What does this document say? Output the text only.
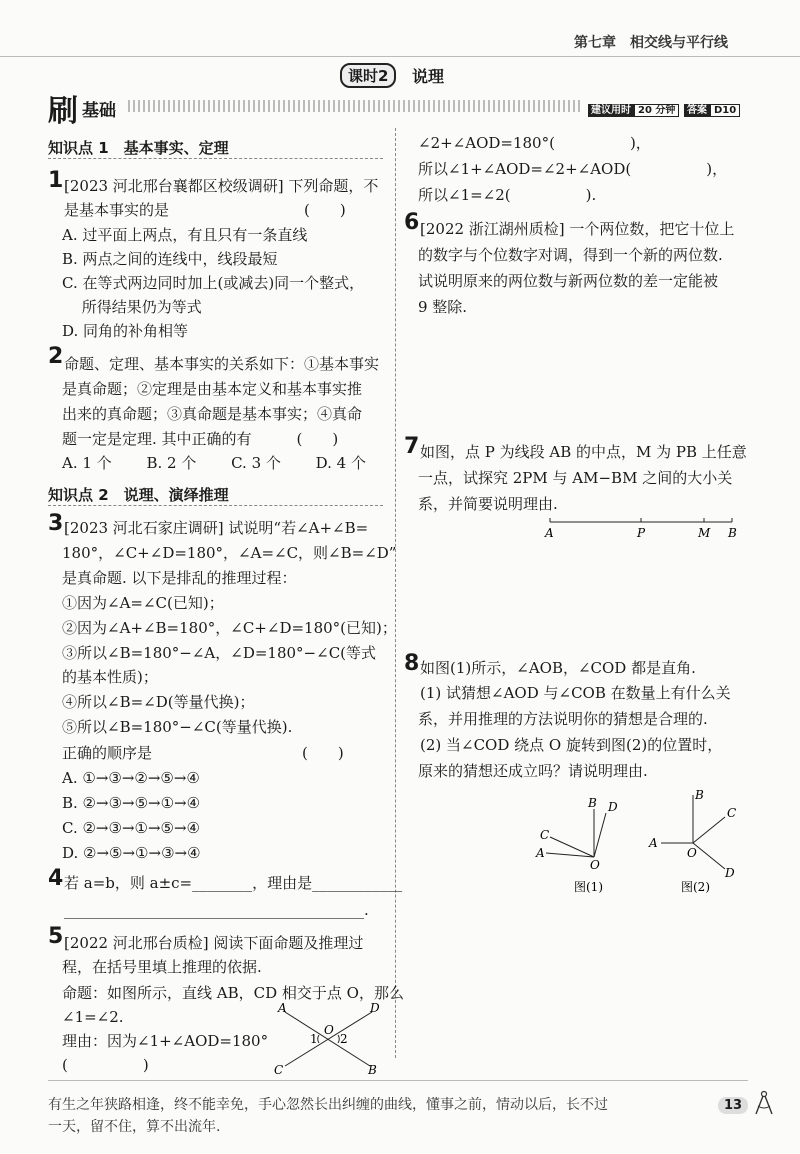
第七章　相交线与平行线
课时2	说理
刷 基础	建议用时 20 分钟	答案 D10
知识点 1　基本事实、定理
1 [2023 河北邢台襄都区校级调研] 下列命题，不
是基本事实的是　　　　　　　　　(　　)
A. 过平面上两点，有且只有一条直线
B. 两点之间的连线中，线段最短
C. 在等式两边同时加上(或减去)同一个整式，
　 所得结果仍为等式
D. 同角的补角相等
2 命题、定理、基本事实的关系如下：①基本事实
是真命题；②定理是由基本定义和基本事实推
出来的真命题；③真命题是基本事实；④真命
题一定是定理. 其中正确的有　　　(　　)
A. 1 个　　 B. 2 个　　 C. 3 个　　 D. 4 个
知识点 2　说理、演绎推理
3 [2023 河北石家庄调研] 试说明“若∠A+∠B=
180°，∠C+∠D=180°，∠A=∠C，则∠B=∠D”
是真命题. 以下是排乱的推理过程：
①因为∠A=∠C(已知)；
②因为∠A+∠B=180°，∠C+∠D=180°(已知)；
③所以∠B=180°−∠A，∠D=180°−∠C(等式
的基本性质)；
④所以∠B=∠D(等量代换)；
⑤所以∠B=180°−∠C(等量代换).
正确的顺序是　　　　　　　　　　(　　)
A. ①→③→②→⑤→④
B. ②→③→⑤→①→④
C. ②→③→①→⑤→④
D. ②→⑤→①→③→④
4 若 a=b，则 a±c=________，理由是____________
________________________________________.
5 [2022 河北邢台质检] 阅读下面命题及推理过
程，在括号里填上推理的依据.
命题：如图所示，直线 AB，CD 相交于点 O，那么
∠1=∠2.
理由：因为∠1+∠AOD=180°
(　　　　　)
A	D
C	B
O
1 2
∠2+∠AOD=180°(　　　　　)，
所以∠1+∠AOD=∠2+∠AOD(　　　　　)，
所以∠1=∠2(　　　　　).
6 [2022 浙江湖州质检] 一个两位数，把它十位上
的数字与个位数字对调，得到一个新的两位数.
试说明原来的两位数与新两位数的差一定能被
9 整除.
7 如图，点 P 为线段 AB 的中点，M 为 PB 上任意
一点，试探究 2PM 与 AM−BM 之间的大小关
系，并简要说明理由.
A	P	M B
8 如图(1)所示，∠AOB，∠COD 都是直角.
(1) 试猜想∠AOD 与∠COB 在数量上有什么关
系，并用推理的方法说明你的猜想是合理的.
(2) 当∠COD 绕点 O 旋转到图(2)的位置时，
原来的猜想还成立吗？请说明理由.
B D
C
A
O
图(1)
B
C
A
O
D
图(2)
有生之年狭路相逢，终不能幸免，手心忽然长出纠缠的曲线，懂事之前，情动以后，长不过
一天，留不住，算不出流年.
13
